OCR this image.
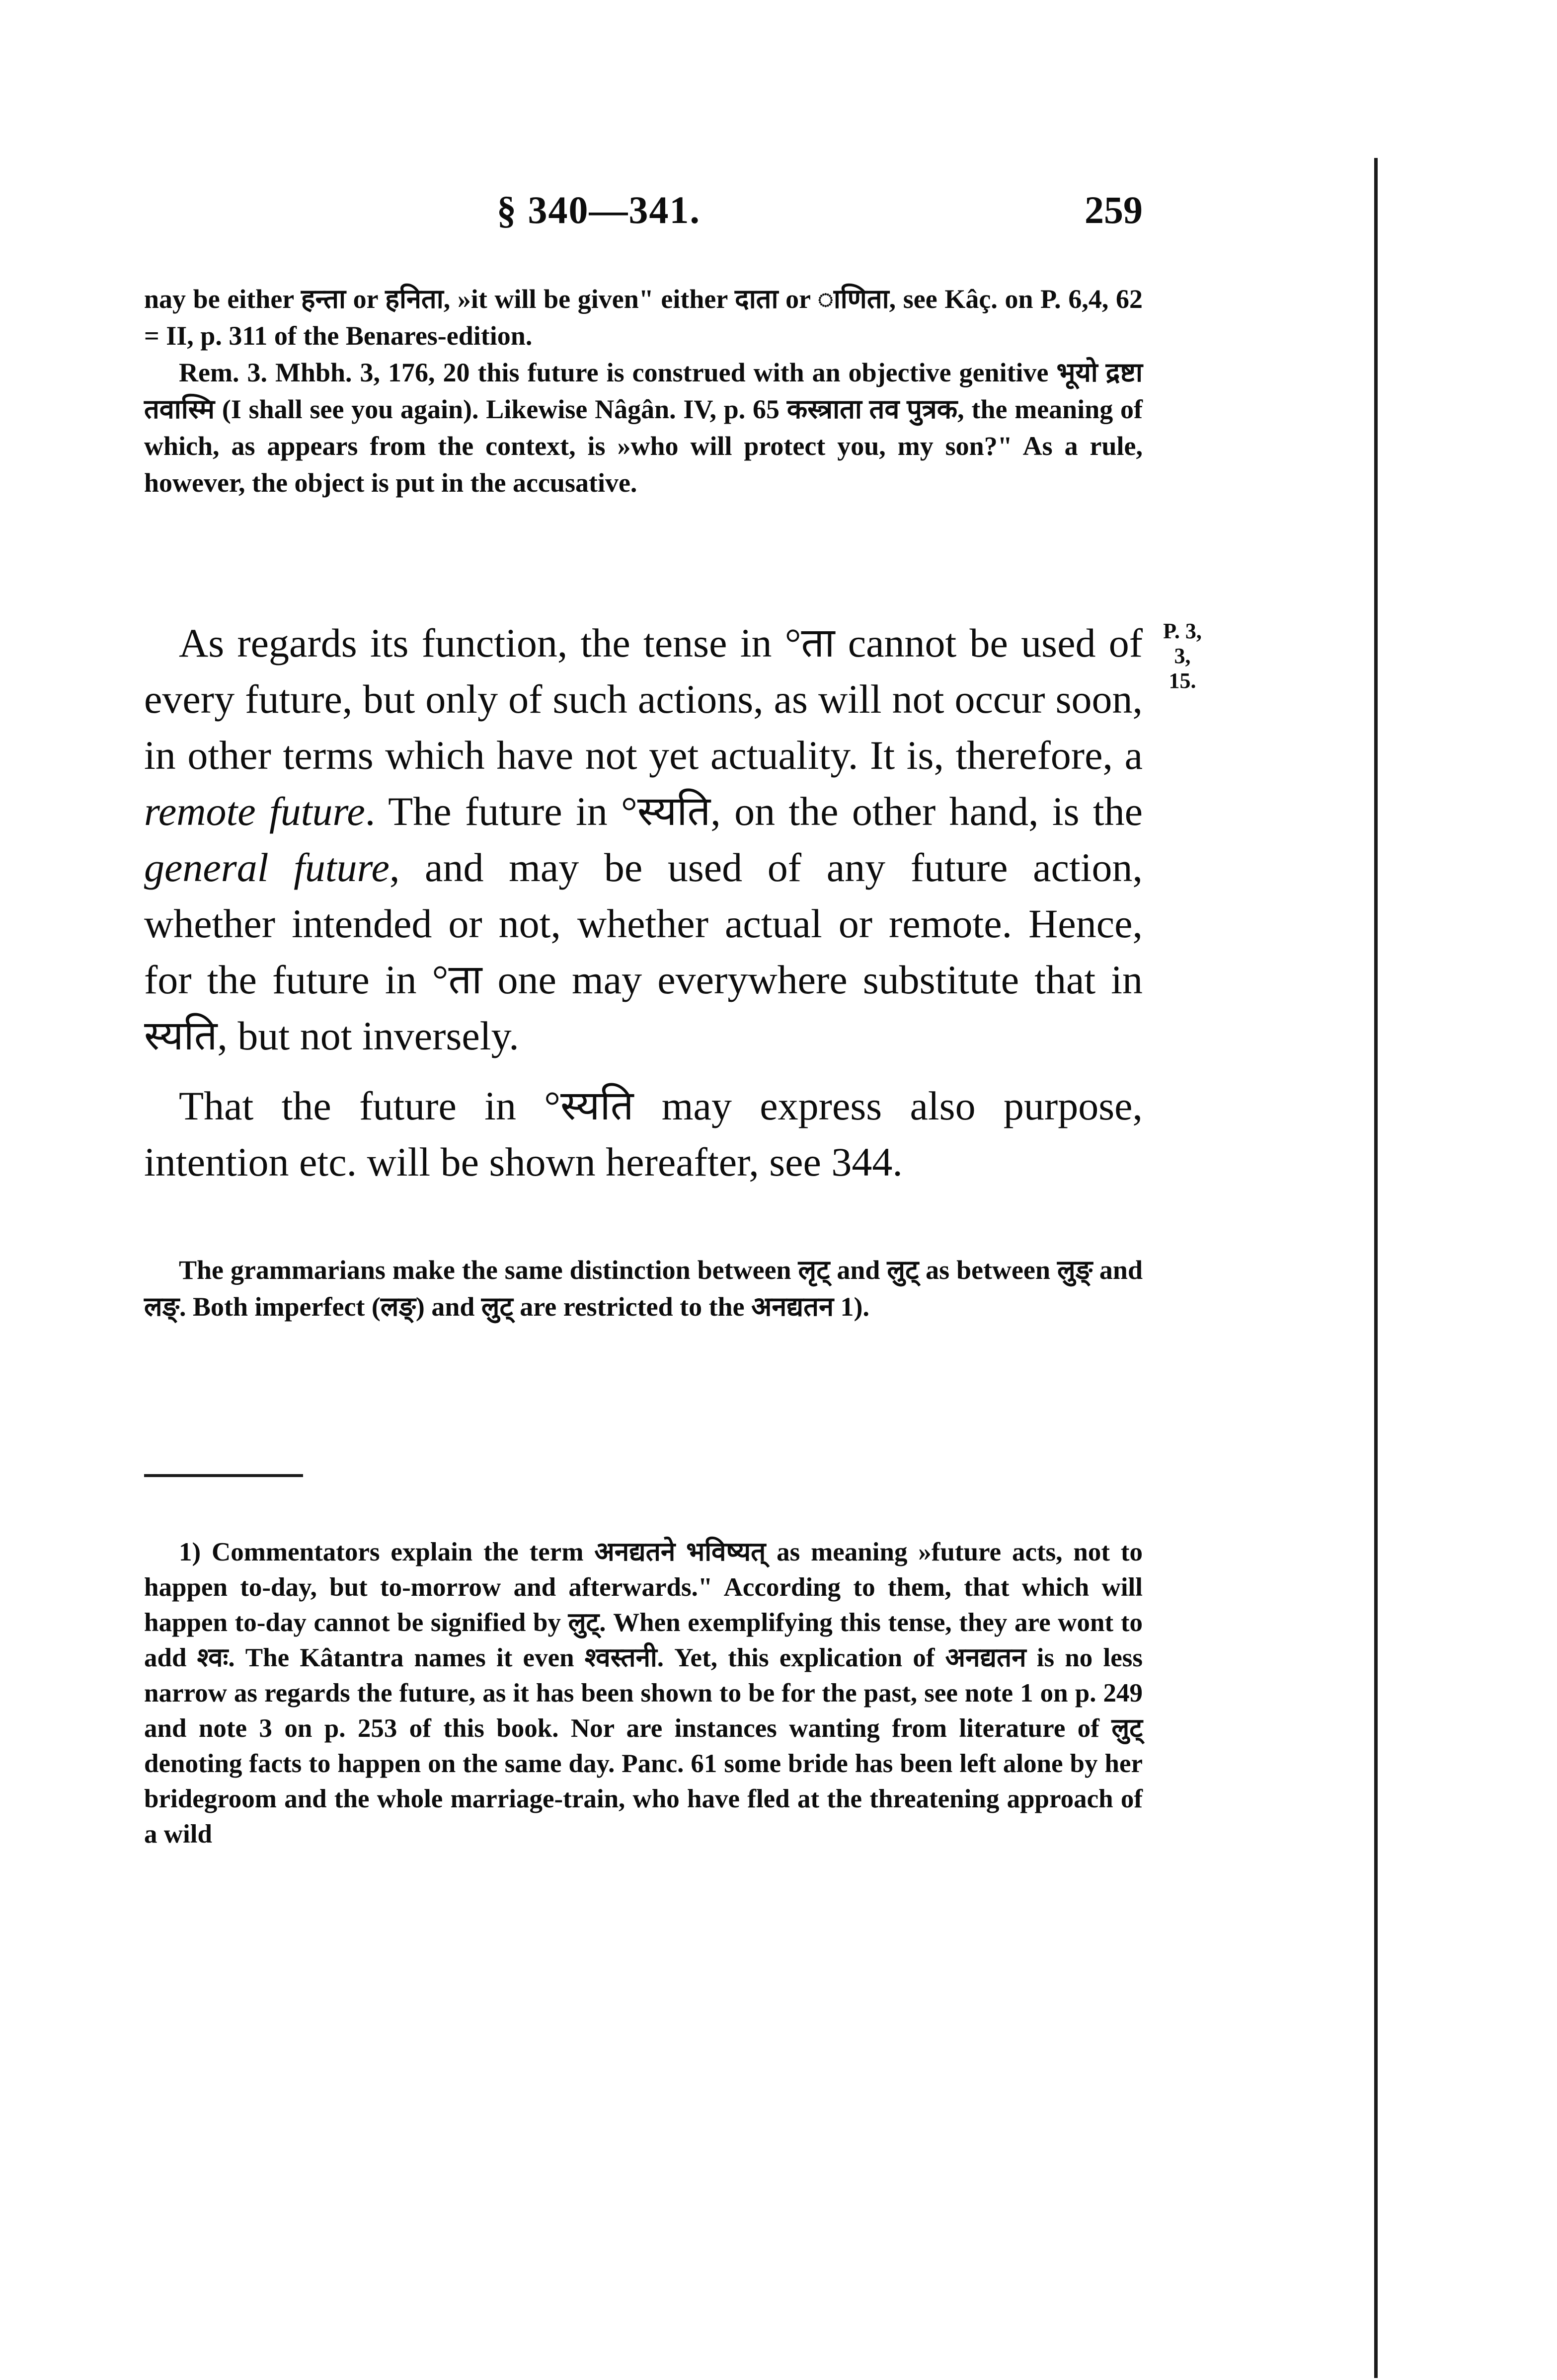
§ 340—341.	259

nay be either हन्ता or हनिता, »it will be given" either दाता or ाणिता, see Kâç. on P. 6,4, 62 = II, p. 311 of the Benares-edition.

Rem. 3. Mhbh. 3, 176, 20 this future is construed with an objective genitive भूयो द्रष्टा तवास्मि (I shall see you again). Likewise Nâgân. IV, p. 65 कस्त्राता तव पुत्रक, the meaning of which, as appears from the context, is »who will protect you, my son?" As a rule, however, the object is put in the accusative.

P. 3, 3,
15.

As regards its function, the tense in °ता cannot be used of every future, but only of such actions, as will not occur soon, in other terms which have not yet actuality. It is, therefore, a remote future. The future in °स्यति, on the other hand, is the general future, and may be used of any future action, whether intended or not, whether actual or remote. Hence, for the future in °ता one may everywhere substitute that in स्यति, but not inversely.

That the future in °स्यति may express also purpose, intention etc. will be shown hereafter, see 344.

The grammarians make the same distinction between लृट् and लुट् as between लुङ् and लङ्. Both imperfect (लङ्) and लुट् are restricted to the अनद्यतन 1).

1) Commentators explain the term अनद्यतने भविष्यत् as meaning »future acts, not to happen to-day, but to-morrow and afterwards." According to them, that which will happen to-day cannot be signified by लुट्. When exemplifying this tense, they are wont to add श्वः. The Kâtantra names it even श्वस्तनी. Yet, this explication of अनद्यतन is no less narrow as regards the future, as it has been shown to be for the past, see note 1 on p. 249 and note 3 on p. 253 of this book. Nor are instances wanting from literature of लुट् denoting facts to happen on the same day. Panc. 61 some bride has been left alone by her bridegroom and the whole marriage-train, who have fled at the threatening approach of a wild
